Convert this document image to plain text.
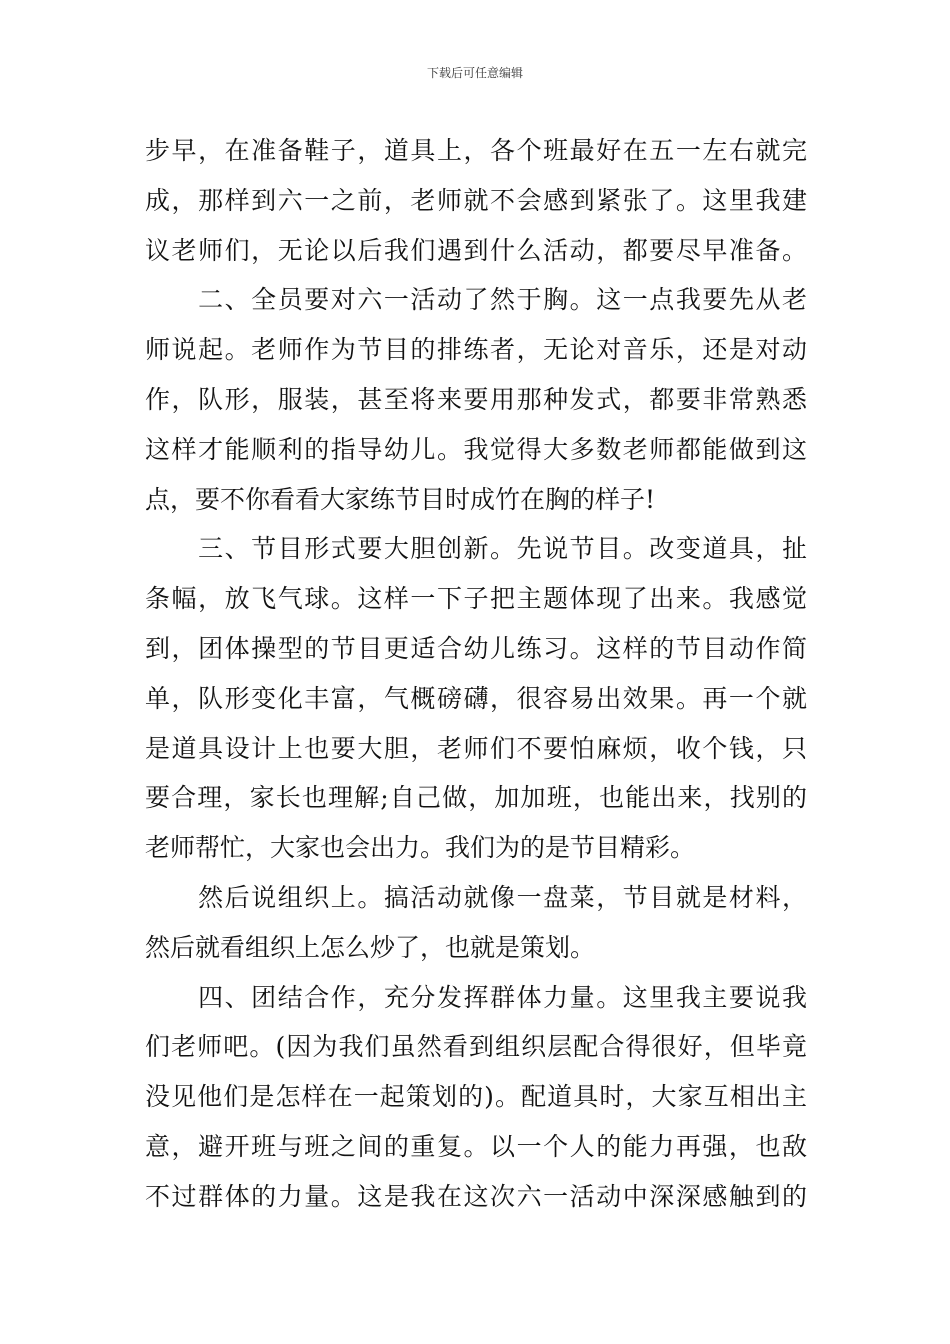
下载后可任意编辑
步早，在准备鞋子，道具上，各个班最好在五一左右就完
成，那样到六一之前，老师就不会感到紧张了。这里我建
议老师们，无论以后我们遇到什么活动，都要尽早准备。
　　二、全员要对六一活动了然于胸。这一点我要先从老
师说起。老师作为节目的排练者，无论对音乐，还是对动
作，队形，服装，甚至将来要用那种发式，都要非常熟悉
这样才能顺利的指导幼儿。我觉得大多数老师都能做到这
点，要不你看看大家练节目时成竹在胸的样子!
　　三、节目形式要大胆创新。先说节目。改变道具，扯
条幅，放飞气球。这样一下子把主题体现了出来。我感觉
到，团体操型的节目更适合幼儿练习。这样的节目动作简
单，队形变化丰富，气概磅礴，很容易出效果。再一个就
是道具设计上也要大胆，老师们不要怕麻烦，收个钱，只
要合理，家长也理解;自己做，加加班，也能出来，找别的
老师帮忙，大家也会出力。我们为的是节目精彩。
　　然后说组织上。搞活动就像一盘菜，节目就是材料，
然后就看组织上怎么炒了，也就是策划。
　　四、团结合作，充分发挥群体力量。这里我主要说我
们老师吧。(因为我们虽然看到组织层配合得很好，但毕竟
没见他们是怎样在一起策划的)。配道具时，大家互相出主
意，避开班与班之间的重复。以一个人的能力再强，也敌
不过群体的力量。这是我在这次六一活动中深深感触到的
